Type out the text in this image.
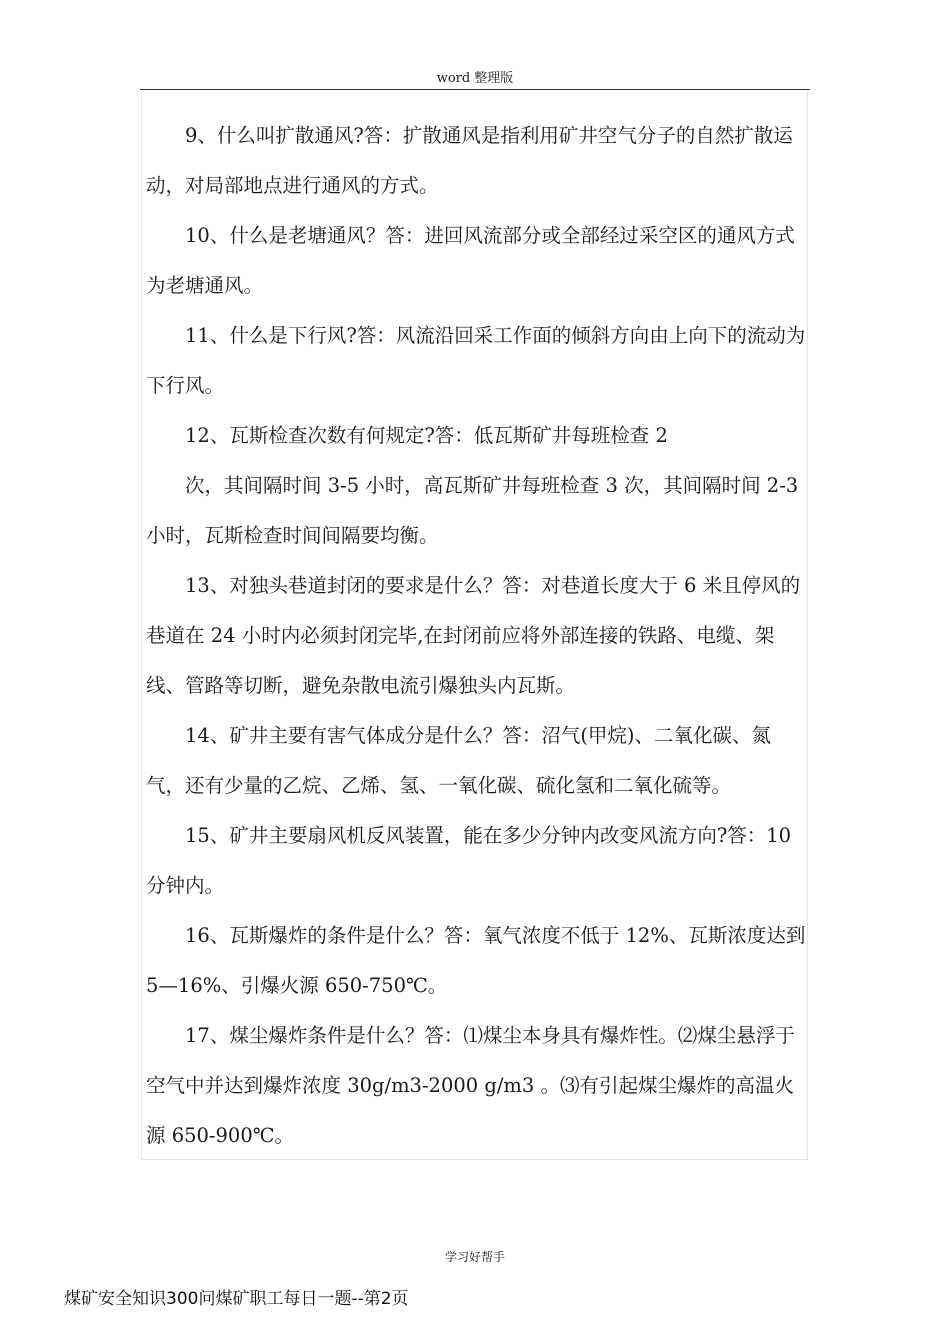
word 整理版

9、什么叫扩散通风?答：扩散通风是指利用矿井空气分子的自然扩散运动，对局部地点进行通风的方式。

10、什么是老塘通风？答：进回风流部分或全部经过采空区的通风方式为老塘通风。

11、什么是下行风?答：风流沿回采工作面的倾斜方向由上向下的流动为下行风。

12、瓦斯检查次数有何规定?答：低瓦斯矿井每班检查 2

次，其间隔时间 3-5 小时，高瓦斯矿井每班检查 3 次，其间隔时间 2-3 小时，瓦斯检查时间间隔要均衡。

13、对独头巷道封闭的要求是什么？答：对巷道长度大于 6 米且停风的巷道在 24 小时内必须封闭完毕,在封闭前应将外部连接的铁路、电缆、架线、管路等切断，避免杂散电流引爆独头内瓦斯。

14、矿井主要有害气体成分是什么？答：沼气(甲烷)、二氧化碳、氮气，还有少量的乙烷、乙烯、氢、一氧化碳、硫化氢和二氧化硫等。

15、矿井主要扇风机反风装置，能在多少分钟内改变风流方向?答：10 分钟内。

16、瓦斯爆炸的条件是什么？答：氧气浓度不低于 12%、瓦斯浓度达到 5—16%、引爆火源 650-750℃。

17、煤尘爆炸条件是什么？答：⑴煤尘本身具有爆炸性。⑵煤尘悬浮于空气中并达到爆炸浓度 30g/m3-2000 g/m3 。⑶有引起煤尘爆炸的高温火源 650-900℃。

学习好帮手
煤矿安全知识300问煤矿职工每日一题--第2页
